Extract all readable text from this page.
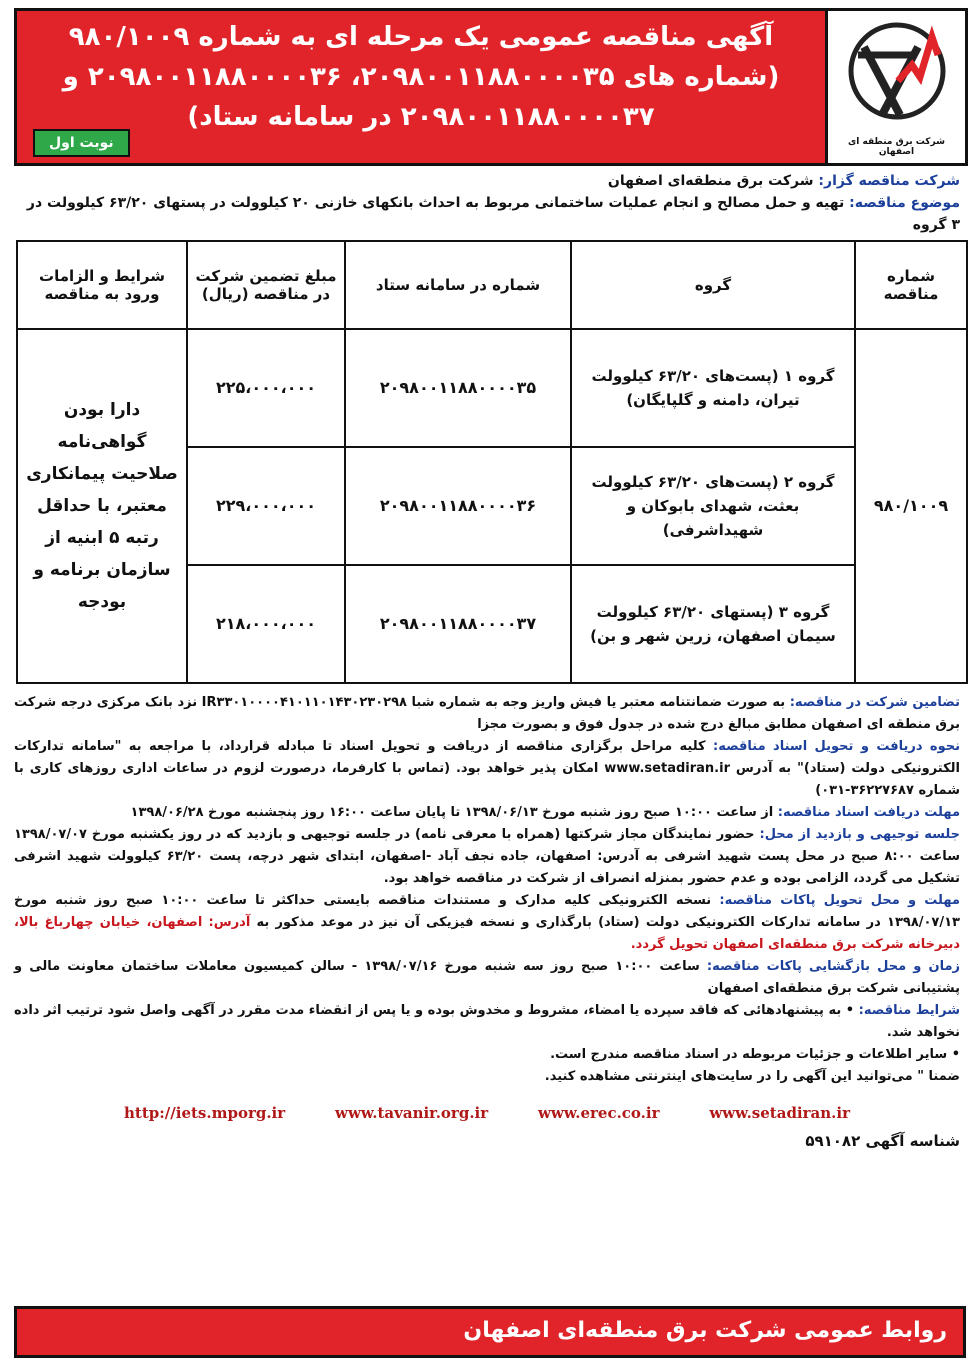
شرکت برق منطقه ای اصفهان
آگهی مناقصه عمومی یک مرحله ای به شماره ۹۸۰/۱۰۰۹
(شماره های ۲۰۹۸۰۰۱۱۸۸۰۰۰۰۳۵، ۲۰۹۸۰۰۱۱۸۸۰۰۰۰۳۶ و
۲۰۹۸۰۰۱۱۸۸۰۰۰۰۳۷ در سامانه ستاد)
نوبت اول
شرکت مناقصه گزار: شرکت برق منطقه‌ای اصفهان
موضوع مناقصه: تهیه و حمل مصالح و انجام عملیات ساختمانی مربوط به احداث بانکهای خازنی ۲۰ کیلوولت در پستهای ۶۳/۲۰ کیلوولت در ۳ گروه
شماره مناقصه	گروه	شماره در سامانه ستاد	مبلغ تضمین شرکت در مناقصه (ریال)	شرایط و الزامات ورود به مناقصه
۹۸۰/۱۰۰۹	گروه ۱ (پست‌های ۶۳/۲۰ کیلوولت تیران، دامنه و گلپایگان)	۲۰۹۸۰۰۱۱۸۸۰۰۰۰۳۵	۲۲۵،۰۰۰،۰۰۰	دارا بودن گواهی‌نامه صلاحیت پیمانکاری معتبر، با حداقل رتبه ۵ ابنیه از سازمان برنامه و بودجه
	گروه ۲ (پست‌های ۶۳/۲۰ کیلوولت بعثت، شهدای بابوکان و شهیداشرفی)	۲۰۹۸۰۰۱۱۸۸۰۰۰۰۳۶	۲۲۹،۰۰۰،۰۰۰	
	گروه ۳ (پستهای ۶۳/۲۰ کیلوولت سیمان اصفهان، زرین شهر و بن)	۲۰۹۸۰۰۱۱۸۸۰۰۰۰۳۷	۲۱۸،۰۰۰،۰۰۰	

تضامین شرکت در مناقصه: به صورت ضمانتنامه معتبر یا فیش واریز وجه به شماره شبا IR۳۳۰۱۰۰۰۰۴۱۰۱۱۰۱۴۳۰۲۳۰۲۹۸ نزد بانک مرکزی درجه شرکت برق منطقه ای اصفهان مطابق مبالغ درج شده در جدول فوق و بصورت مجزا

نحوه دریافت و تحویل اسناد مناقصه: کلیه مراحل برگزاری مناقصه از دریافت و تحویل اسناد تا مبادله قرارداد، با مراجعه به "سامانه تدارکات الکترونیکی دولت (ستاد)" به آدرس www.setadiran.ir امکان پذیر خواهد بود. (تماس با کارفرما، درصورت لزوم در ساعات اداری روزهای کاری با شماره ۳۶۲۲۷۶۸۷-۰۳۱)

مهلت دریافت اسناد مناقصه: از ساعت ۱۰:۰۰ صبح روز شنبه مورخ ۱۳۹۸/۰۶/۱۳ تا پایان ساعت ۱۶:۰۰ روز پنجشنبه مورخ ۱۳۹۸/۰۶/۲۸

جلسه توجیهی و بازدید از محل: حضور نمایندگان مجاز شرکتها (همراه با معرفی نامه) در جلسه توجیهی و بازدید که در روز یکشنبه مورخ ۱۳۹۸/۰۷/۰۷ ساعت ۸:۰۰ صبح در محل پست شهید اشرفی به آدرس: اصفهان، جاده نجف آباد -اصفهان، ابتدای شهر درچه، پست ۶۳/۲۰ کیلوولت شهید اشرفی تشکیل می گردد، الزامی بوده و عدم حضور بمنزله انصراف از شرکت در مناقصه خواهد بود.

مهلت و محل تحویل پاکات مناقصه: نسخه الکترونیکی کلیه مدارک و مستندات مناقصه بایستی حداکثر تا ساعت ۱۰:۰۰ صبح روز شنبه مورخ ۱۳۹۸/۰۷/۱۳ در سامانه تدارکات الکترونیکی دولت (ستاد) بارگذاری و نسخه فیزیکی آن نیز در موعد مذکور به آدرس: اصفهان، خیابان چهارباغ بالا، دبیرخانه شرکت برق منطقه‌ای اصفهان تحویل گردد.

زمان و محل بازگشایی پاکات مناقصه: ساعت ۱۰:۰۰ صبح روز سه شنبه مورخ ۱۳۹۸/۰۷/۱۶ - سالن کمیسیون معاملات ساختمان معاونت مالی و پشتیبانی شرکت برق منطقه‌ای اصفهان

شرایط مناقصه: • به پیشنهادهائی که فاقد سپرده یا امضاء، مشروط و مخدوش بوده و یا پس از انقضاء مدت مقرر در آگهی واصل شود ترتیب اثر داده نخواهد شد.

• سایر اطلاعات و جزئیات مربوطه در اسناد مناقصه مندرج است.

ضمنا " می‌توانید این آگهی را در سایت‌های اینترنتی مشاهده کنید.

http://iets.mporg.ir	www.tavanir.org.ir	www.erec.co.ir	www.setadiran.ir

شناسه آگهی ۵۹۱۰۸۲

روابط عمومی شرکت برق منطقه‌ای اصفهان
